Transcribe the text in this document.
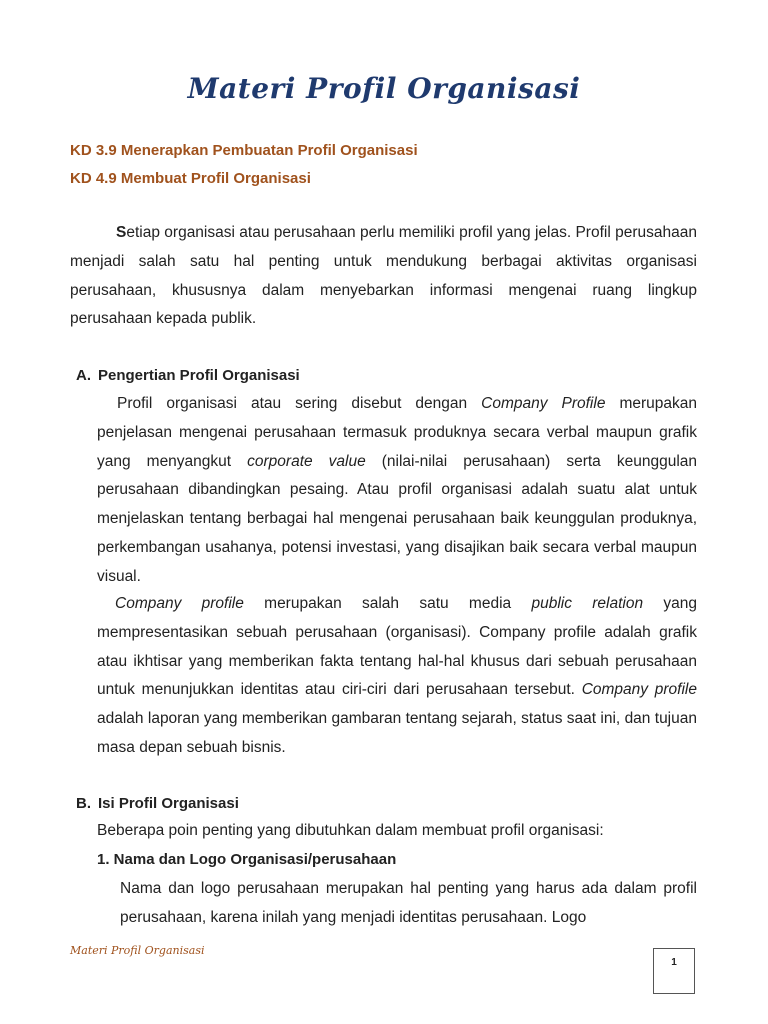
Materi Profil Organisasi
KD 3.9 Menerapkan Pembuatan Profil Organisasi
KD 4.9 Membuat Profil Organisasi
Setiap organisasi atau perusahaan perlu memiliki profil yang jelas. Profil perusahaan menjadi salah satu hal penting untuk mendukung berbagai aktivitas organisasi perusahaan, khususnya dalam menyebarkan informasi mengenai ruang lingkup perusahaan kepada publik.
A. Pengertian Profil Organisasi
Profil organisasi atau sering disebut dengan Company Profile merupakan penjelasan mengenai perusahaan termasuk produknya secara verbal maupun grafik yang menyangkut corporate value (nilai-nilai perusahaan) serta keunggulan perusahaan dibandingkan pesaing. Atau profil organisasi adalah suatu alat untuk menjelaskan tentang berbagai hal mengenai perusahaan baik keunggulan produknya, perkembangan usahanya, potensi investasi, yang disajikan baik secara verbal maupun visual.
Company profile merupakan salah satu media public relation yang mempresentasikan sebuah perusahaan (organisasi). Company profile adalah grafik atau ikhtisar yang memberikan fakta tentang hal-hal khusus dari sebuah perusahaan untuk menunjukkan identitas atau ciri-ciri dari perusahaan tersebut. Company profile adalah laporan yang memberikan gambaran tentang sejarah, status saat ini, dan tujuan masa depan sebuah bisnis.
B. Isi Profil Organisasi
Beberapa poin penting yang dibutuhkan dalam membuat profil organisasi:
1. Nama dan Logo Organisasi/perusahaan
Nama dan logo perusahaan merupakan hal penting yang harus ada dalam profil perusahaan, karena inilah yang menjadi identitas perusahaan. Logo
Materi Profil Organisasi
1
